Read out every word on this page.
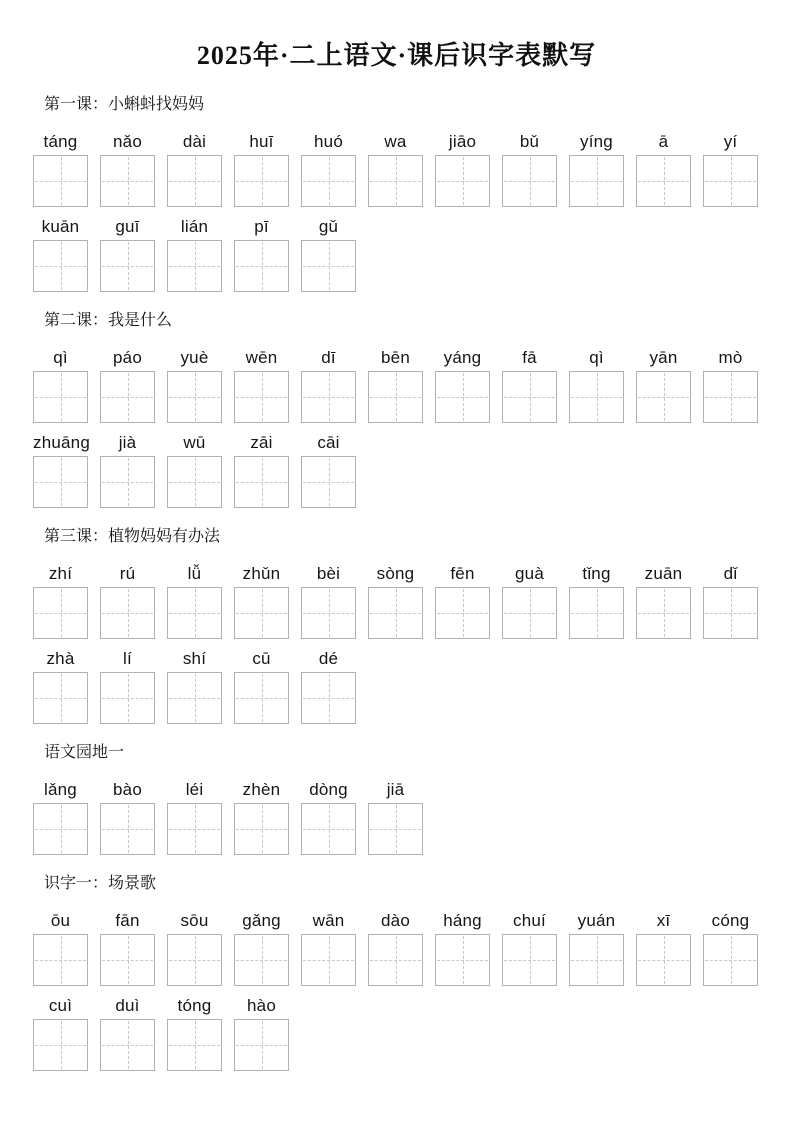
2025年·二上语文·课后识字表默写
第一课：小蝌蚪找妈妈
táng	nǎo	dài	huī	huó	wa	jiāo	bǔ	yíng	ā	yí
kuān	guī	lián	pī	gǔ
第二课：我是什么
qì	páo	yuè	wēn	dī	bēn	yáng	fā	qì	yān	mò
zhuāng	jià	wū	zāi	cāi
第三课：植物妈妈有办法
zhí	rú	lǚ	zhǔn	bèi	sòng	fēn	guà	tǐng	zuān	dǐ
zhà	lí	shí	cū	dé
语文园地一
lǎng	bào	léi	zhèn	dòng	jiā
识字一：场景歌
ōu	fān	sōu	gǎng	wān	dào	háng	chuí	yuán	xī	cóng
cuì	duì	tóng	hào
